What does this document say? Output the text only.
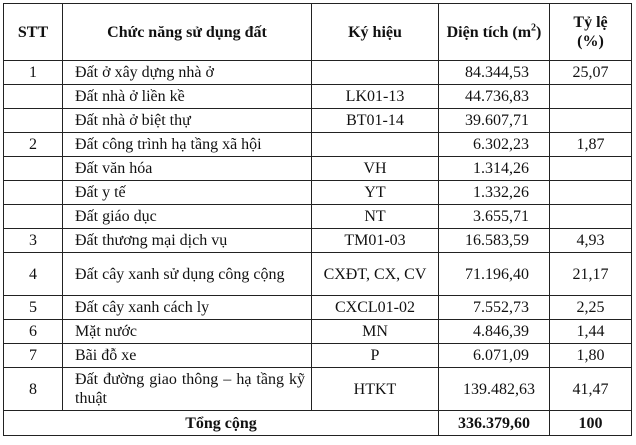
STT	Chức năng sử dụng đất	Ký hiệu	Diện tích $(m^2)$	Tỷ lệ
(%)

1	Đất ở xây dựng nhà ở		84.344,53	25,07
	Đất nhà ở liền kề	LK01-13	44.736,83	
	Đất nhà ở biệt thự	BT01-14	39.607,71	
2	Đất công trình hạ tầng xã hội		6.302,23	1,87
	Đất văn hóa	VH	1.314,26	
	Đất y tế	YT	1.332,26	
	Đất giáo dục	NT	3.655,71	
3	Đất thương mại dịch vụ	TM01-03	16.583,59	4,93
4	Đất cây xanh sử dụng công cộng	CXĐT, CX, CV	71.196,40	21,17
5	Đất cây xanh cách ly	CXCL01-02	7.552,73	2,25
6	Mặt nước	MN	4.846,39	1,44
7	Bãi đỗ xe	P	6.071,09	1,80
8	Đất đường giao thông – hạ tầng kỹ thuật	HTKT	139.482,63	41,47
Tổng cộng			336.379,60	100
